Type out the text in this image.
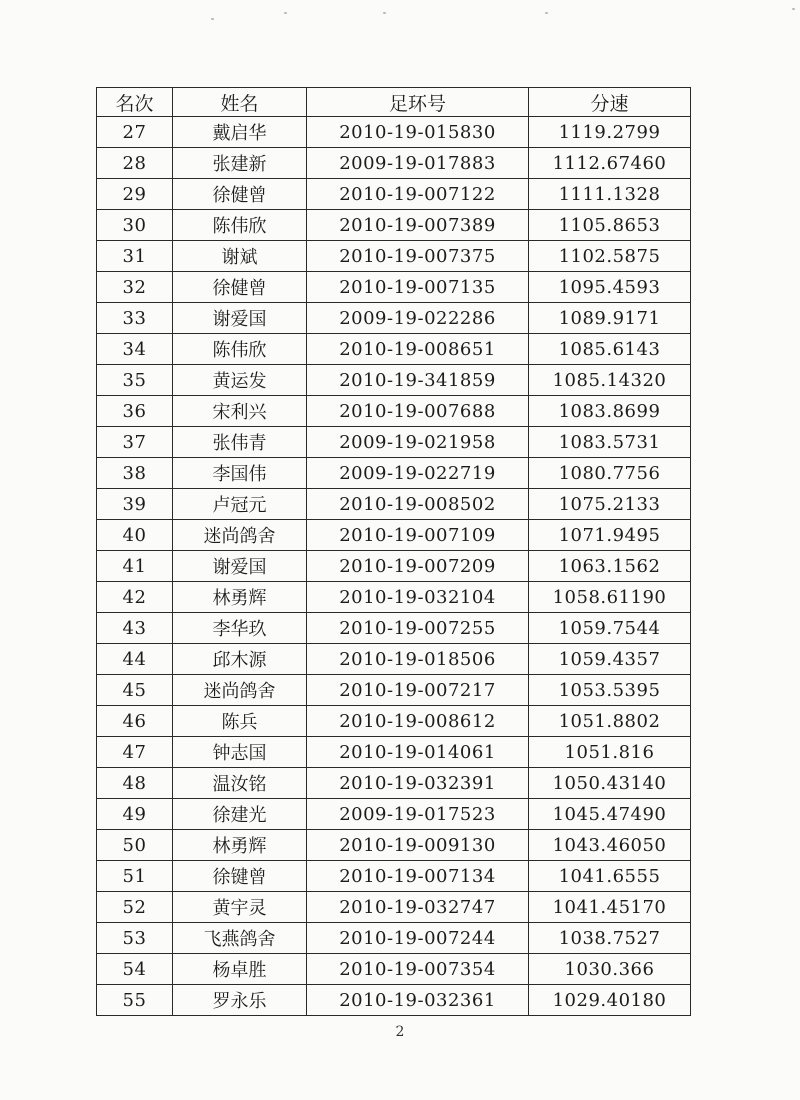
名次	姓名	足环号	分速
27	戴启华	2010-19-015830	1119.2799
28	张建新	2009-19-017883	1112.67460
29	徐健曾	2010-19-007122	1111.1328
30	陈伟欣	2010-19-007389	1105.8653
31	谢斌	2010-19-007375	1102.5875
32	徐健曾	2010-19-007135	1095.4593
33	谢爱国	2009-19-022286	1089.9171
34	陈伟欣	2010-19-008651	1085.6143
35	黄运发	2010-19-341859	1085.14320
36	宋利兴	2010-19-007688	1083.8699
37	张伟青	2009-19-021958	1083.5731
38	李国伟	2009-19-022719	1080.7756
39	卢冠元	2010-19-008502	1075.2133
40	迷尚鸽舍	2010-19-007109	1071.9495
41	谢爱国	2010-19-007209	1063.1562
42	林勇辉	2010-19-032104	1058.61190
43	李华玖	2010-19-007255	1059.7544
44	邱木源	2010-19-018506	1059.4357
45	迷尚鸽舍	2010-19-007217	1053.5395
46	陈兵	2010-19-008612	1051.8802
47	钟志国	2010-19-014061	1051.816
48	温汝铭	2010-19-032391	1050.43140
49	徐建光	2009-19-017523	1045.47490
50	林勇辉	2010-19-009130	1043.46050
51	徐键曾	2010-19-007134	1041.6555
52	黄宇灵	2010-19-032747	1041.45170
53	飞燕鸽舍	2010-19-007244	1038.7527
54	杨卓胜	2010-19-007354	1030.366
55	罗永乐	2010-19-032361	1029.40180
2
